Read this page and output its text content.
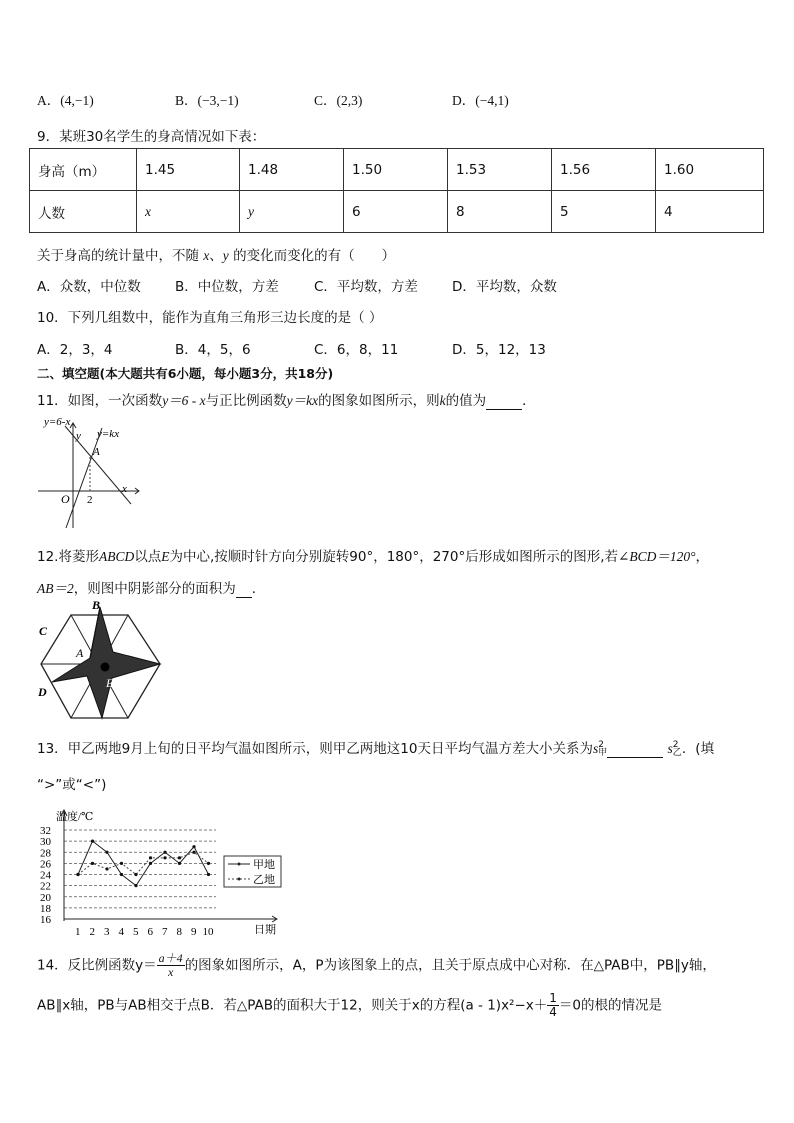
A．(4,−1)	B．(−3,−1)	C．(2,3)	D．(−4,1)
9．某班30名学生的身高情况如下表：
身高（m）	1.45	1.48	1.50	1.53	1.56	1.60
人数	x	y	6	8	5	4
关于身高的统计量中，不随 x、y 的变化而变化的有（　　）
A．众数，中位数	B．中位数，方差	C．平均数，方差	D．平均数，众数
10．下列几组数中，能作为直角三角形三边长度的是（ ）
A．2，3，4	B．4，5，6	C．6，8，11	D．5，12，13
二、填空题(本大题共有6小题，每小题3分，共18分)
11．如图，一次函数y＝6 - x与正比例函数y＝kx的图象如图所示，则k的值为	．
y=6-x
y=kx
y
A
O 2
x
12.将菱形ABCD以点E为中心,按顺时针方向分别旋转90°，180°，270°后形成如图所示的图形,若∠BCD＝120°，
AB＝2，则图中阴影部分的面积为 ．
B
C
A
D
E
13．甲乙两地9月上旬的日平均气温如图所示，则甲乙两地这10天日平均气温方差大小关系为s 2
甲	s 2
乙 ．(填
“>”或“<”)
温度/℃
日期
16
18
20
22
24
26
28
30
32
1 2 3 4 5 6 7 8 9 10
甲地
乙地
14．反比例函数$y= \frac{a+4}{x}$ 的图象如图所示，A，P为该图象上的点，且关于原点成中心对称．在△PAB中，PB∥y轴，
AB∥x轴，PB与AB相交于点B．若△PAB的面积大于12，则关于x的方程$(a - 1)x^2-x+ \frac{1}{4} =0$的根的情况是
